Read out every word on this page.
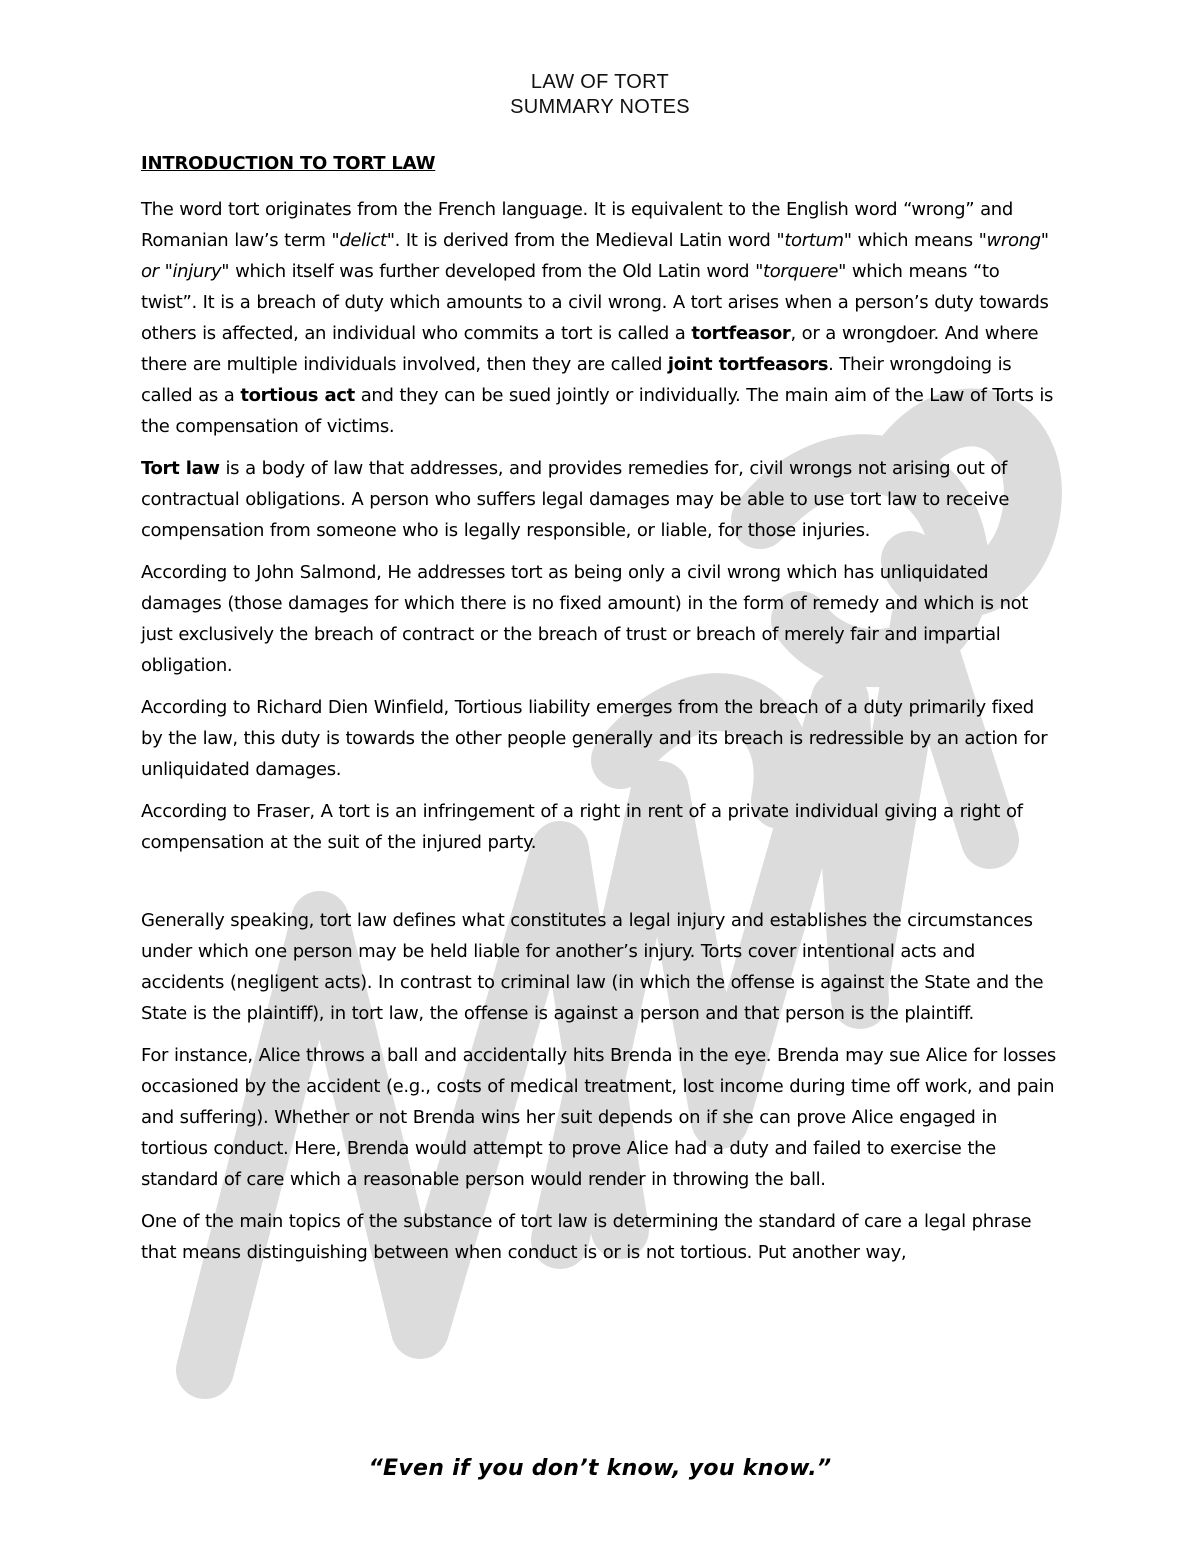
LAW OF TORT
SUMMARY NOTES
INTRODUCTION TO TORT LAW

The word tort originates from the French language. It is equivalent to the English word “wrong” and Romanian law’s term "delict". It is derived from the Medieval Latin word "tortum" which means "wrong" or "injury" which itself was further developed from the Old Latin word "torquere" which means “to twist”. It is a breach of duty which amounts to a civil wrong. A tort arises when a person’s duty towards others is affected, an individual who commits a tort is called a tortfeasor, or a wrongdoer. And where there are multiple individuals involved, then they are called joint tortfeasors. Their wrongdoing is called as a tortious act and they can be sued jointly or individually. The main aim of the Law of Torts is the compensation of victims.

Tort law is a body of law that addresses, and provides remedies for, civil wrongs not arising out of contractual obligations. A person who suffers legal damages may be able to use tort law to receive compensation from someone who is legally responsible, or liable, for those injuries.

According to John Salmond, He addresses tort as being only a civil wrong which has unliquidated damages (those damages for which there is no fixed amount) in the form of remedy and which is not just exclusively the breach of contract or the breach of trust or breach of merely fair and impartial obligation.

According to Richard Dien Winfield, Tortious liability emerges from the breach of a duty primarily fixed by the law, this duty is towards the other people generally and its breach is redressible by an action for unliquidated damages.

According to Fraser, A tort is an infringement of a right in rent of a private individual giving a right of compensation at the suit of the injured party.

Generally speaking, tort law defines what constitutes a legal injury and establishes the circumstances under which one person may be held liable for another’s injury. Torts cover intentional acts and accidents (negligent acts). In contrast to criminal law (in which the offense is against the State and the State is the plaintiff), in tort law, the offense is against a person and that person is the plaintiff.

For instance, Alice throws a ball and accidentally hits Brenda in the eye. Brenda may sue Alice for losses occasioned by the accident (e.g., costs of medical treatment, lost income during time off work, and pain and suffering). Whether or not Brenda wins her suit depends on if she can prove Alice engaged in tortious conduct. Here, Brenda would attempt to prove Alice had a duty and failed to exercise the standard of care which a reasonable person would render in throwing the ball.

One of the main topics of the substance of tort law is determining the standard of care a legal phrase that means distinguishing between when conduct is or is not tortious. Put another way,

“Even if you don’t know, you know.”
